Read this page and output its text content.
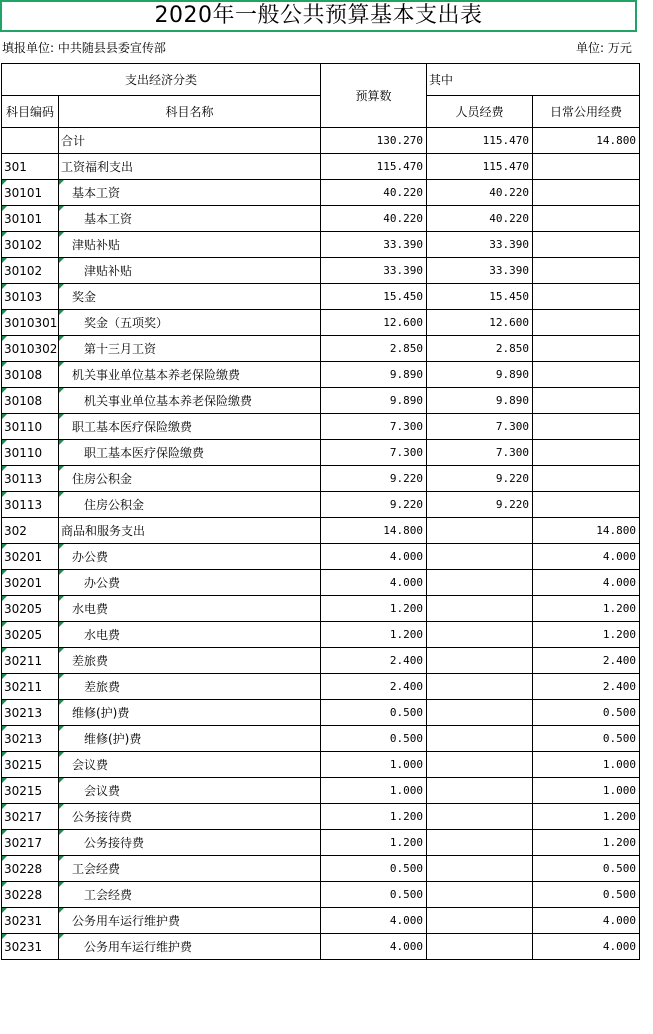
2020年一般公共预算基本支出表
填报单位: 中共随县县委宣传部	单位: 万元
支出经济分类		预算数	其中	
科目编码	科目名称		人员经费	日常公用经费
	合计	130.270	115.470	14.800
301	工资福利支出	115.470	115.470	
30101	基本工资	40.220	40.220	
30101	基本工资	40.220	40.220	
30102	津贴补贴	33.390	33.390	
30102	津贴补贴	33.390	33.390	
30103	奖金	15.450	15.450	
3010301	奖金（五项奖）	12.600	12.600	
3010302	第十三月工资	2.850	2.850	
30108	机关事业单位基本养老保险缴费	9.890	9.890	
30108	机关事业单位基本养老保险缴费	9.890	9.890	
30110	职工基本医疗保险缴费	7.300	7.300	
30110	职工基本医疗保险缴费	7.300	7.300	
30113	住房公积金	9.220	9.220	
30113	住房公积金	9.220	9.220	
302	商品和服务支出	14.800		14.800
30201	办公费	4.000		4.000
30201	办公费	4.000		4.000
30205	水电费	1.200		1.200
30205	水电费	1.200		1.200
30211	差旅费	2.400		2.400
30211	差旅费	2.400		2.400
30213	维修(护)费	0.500		0.500
30213	维修(护)费	0.500		0.500
30215	会议费	1.000		1.000
30215	会议费	1.000		1.000
30217	公务接待费	1.200		1.200
30217	公务接待费	1.200		1.200
30228	工会经费	0.500		0.500
30228	工会经费	0.500		0.500
30231	公务用车运行维护费	4.000		4.000
30231	公务用车运行维护费	4.000		4.000
